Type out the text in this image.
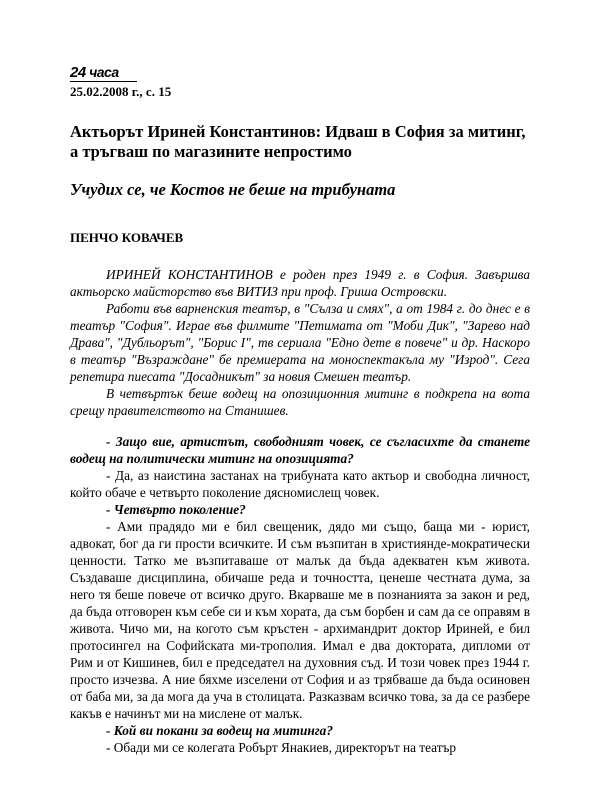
24 часа
25.02.2008 г., с. 15
Актьорът Ириней Константинов: Идваш в София за митинг,
а тръгваш по магазините непростимо
Учудих се, че Костов не беше на трибуната
ПЕНЧО КОВАЧЕВ

ИРИНЕЙ КОНСТАНТИНОВ е роден през 1949 г. в София. Завършва актьорско майсторство във ВИТИЗ при проф. Гриша Островски.

Работи във варненския театър, в "Сълза и смях", а от 1984 г. до днес е в театър "София". Играе във филмите "Петимата от "Моби Дик", "Зарево над Драва", "Дубльорът", "Борис I", тв сериала "Едно дете в повече" и др. Наскоро в театър "Възраждане" бе премиерата на моноспектакъла му "Изрод". Сега репетира пиесата "Досадникът" за новия Смешен театър.

В четвъртък беше водещ на опозиционния митинг в подкрепа на вота срещу правителството на Станишев.

- Защо вие, артистът, свободният човек, се съгласихте да станете водещ на политически митинг на опозицията?

- Да, аз наистина застанах на трибуната като актьор и свободна личност, който обаче е четвърто поколение дясномислещ човек.

- Четвърто поколение?

- Ами прадядо ми е бил свещеник, дядо ми също, баща ми - юрист, адвокат, бог да ги прости всичките. И съм възпитан в християнде-мократически ценности. Татко ме възпитаваше от малък да бъда адекватен към живота. Създаваше дисциплина, обичаше реда и точността, ценеше честната дума, за него тя беше повече от всичко друго. Вкарваше ме в познанията за закон и ред, да бъда отговорен към себе си и към хората, да съм борбен и сам да се оправям в живота. Чичо ми, на когото съм кръстен - архимандрит доктор Ириней, е бил протосингел на Софийската ми-трополия. Имал е два доктората, дипломи от Рим и от Кишинев, бил е председател на духовния съд. И този човек през 1944 г. просто изчезва. А ние бяхме изселени от София и аз трябваше да бъда осиновен от баба ми, за да мога да уча в столицата. Разказвам всичко това, за да се разбере какъв е начинът ми на мислене от малък.

- Кой ви покани за водещ на митинга?

- Обади ми се колегата Робърт Янакиев, директорът на театър
